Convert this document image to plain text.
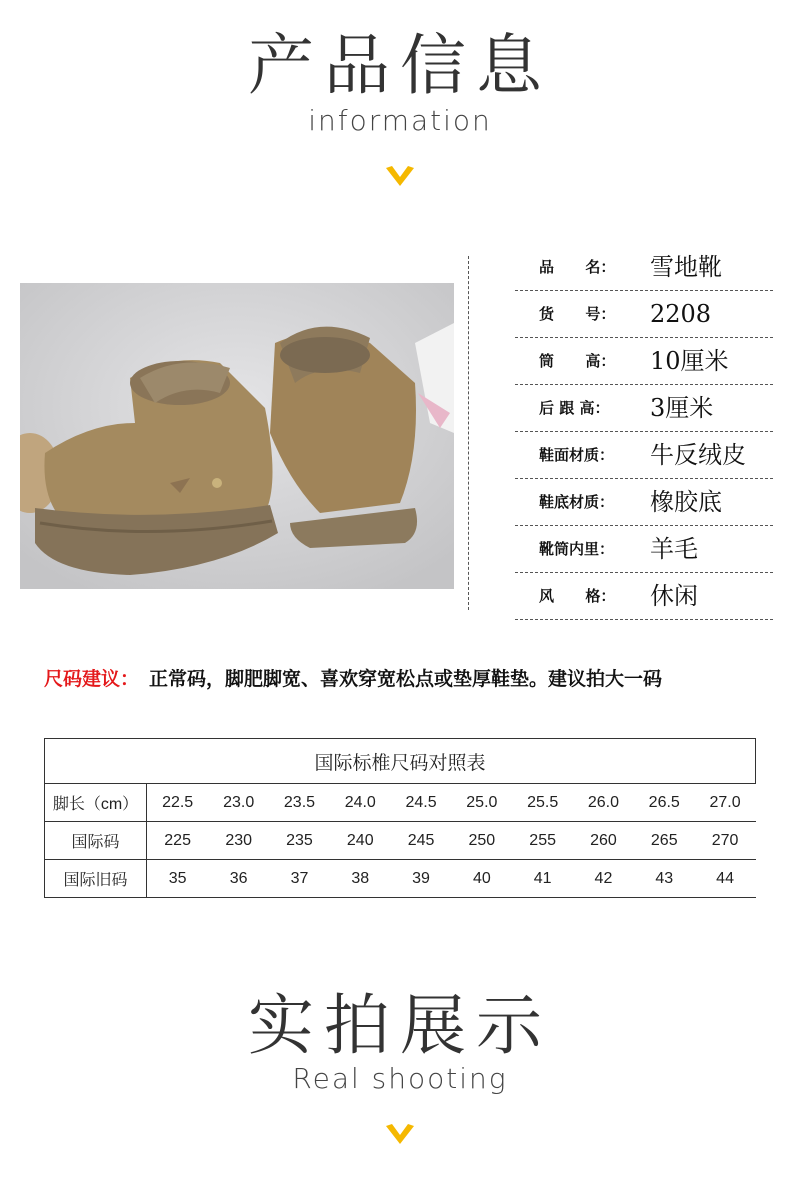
产品信息
information
品      名： 雪地靴
货      号： 2208
筒      高： 10厘米
后 跟 高： 3厘米
鞋面材质： 牛反绒皮
鞋底材质： 橡胶底
靴筒内里： 羊毛
风      格： 休闲
尺码建议： 正常码，脚肥脚宽、喜欢穿宽松点或垫厚鞋垫。建议拍大一码
国际标椎尺码对照表										
脚长（cm）	22.5	23.0	23.5	24.0	24.5	25.0	25.5	26.0	26.5	27.0
国际码	225	230	235	240	245	250	255	260	265	270
国际旧码	35	36	37	38	39	40	41	42	43	44
实拍展示
Real shooting
